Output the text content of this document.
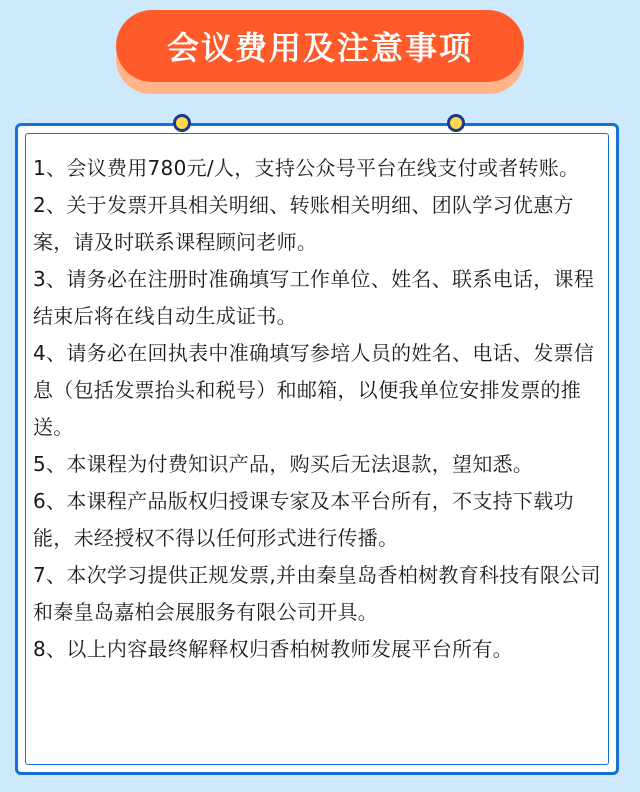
会议费用及注意事项
1、会议费用780元/人，支持公众号平台在线支付或者转账。
2、关于发票开具相关明细、转账相关明细、团队学习优惠方案，请及时联系课程顾问老师。
3、请务必在注册时准确填写工作单位、姓名、联系电话，课程结束后将在线自动生成证书。
4、请务必在回执表中准确填写参培人员的姓名、电话、发票信息（包括发票抬头和税号）和邮箱，以便我单位安排发票的推送。
5、本课程为付费知识产品，购买后无法退款，望知悉。
6、本课程产品版权归授课专家及本平台所有，不支持下载功能，未经授权不得以任何形式进行传播。
7、本次学习提供正规发票,并由秦皇岛香柏树教育科技有限公司和秦皇岛嘉柏会展服务有限公司开具。
8、以上内容最终解释权归香柏树教师发展平台所有。
